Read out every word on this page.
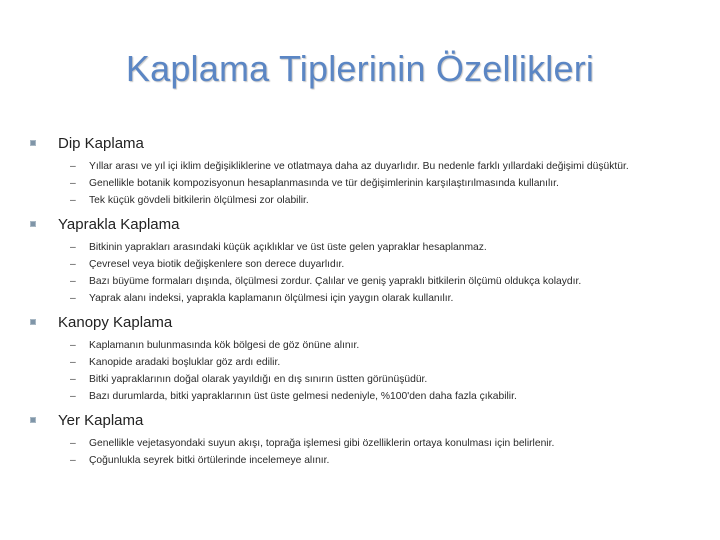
Kaplama Tiplerinin Özellikleri
Dip Kaplama
– Yıllar arası ve yıl içi iklim değişikliklerine ve otlatmaya daha az duyarlıdır. Bu nedenle farklı yıllardaki değişimi düşüktür.
– Genellikle botanik kompozisyonun hesaplanmasında ve tür değişimlerinin karşılaştırılmasında kullanılır.
– Tek küçük gövdeli bitkilerin ölçülmesi zor olabilir.
Yaprakla Kaplama
– Bitkinin yaprakları arasındaki küçük açıklıklar ve üst üste gelen yapraklar hesaplanmaz.
– Çevresel veya biotik değişkenlere son derece duyarlıdır.
– Bazı büyüme formaları dışında, ölçülmesi zordur. Çalılar ve geniş yapraklı bitkilerin ölçümü oldukça kolaydır.
– Yaprak alanı indeksi, yaprakla kaplamanın ölçülmesi için yaygın olarak kullanılır.
Kanopy Kaplama
– Kaplamanın bulunmasında kök bölgesi de göz önüne alınır.
– Kanopide aradaki boşluklar göz ardı edilir.
– Bitki yapraklarının doğal olarak yayıldığı en dış sınırın üstten görünüşüdür.
– Bazı durumlarda, bitki yapraklarının üst üste gelmesi nedeniyle, %100'den daha fazla çıkabilir.
Yer Kaplama
– Genellikle vejetasyondaki suyun akışı, toprağa işlemesi gibi özelliklerin ortaya konulması için belirlenir.
– Çoğunlukla seyrek bitki örtülerinde incelemeye alınır.
